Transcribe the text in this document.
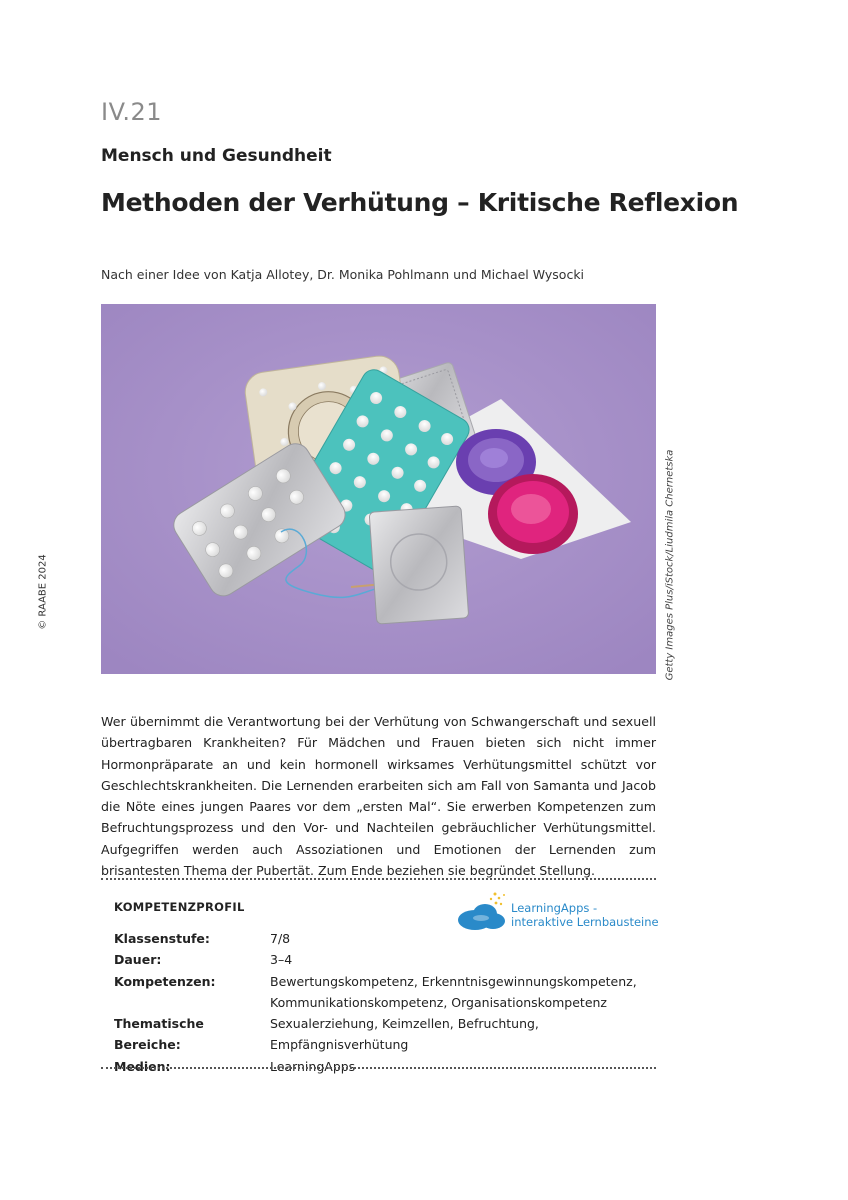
IV.21
Mensch und Gesundheit
Methoden der Verhütung – Kritische Reflexion
Nach einer Idee von Katja Allotey, Dr. Monika Pohlmann und Michael Wysocki
© RAABE 2024	Getty Images Plus/iStock/Liudmila Chernetska

Wer übernimmt die Verantwortung bei der Verhütung von Schwangerschaft und sexuell übertragbaren Krankheiten? Für Mädchen und Frauen bieten sich nicht immer Hormonpräparate an und kein hormonell wirksames Verhütungsmittel schützt vor Geschlechtskrankheiten. Die Lernenden erarbeiten sich am Fall von Samanta und Jacob die Nöte eines jungen Paares vor dem „ersten Mal“. Sie erwerben Kompetenzen zum Befruchtungsprozess und den Vor- und Nachteilen gebräuchlicher Verhütungsmittel. Aufgegriffen werden auch Assoziationen und Emotionen der Lernenden zum brisantesten Thema der Pubertät. Zum Ende beziehen sie begründet Stellung.

KOMPETENZPROFIL	LearningApps -
interaktive Lernbausteine
Klassenstufe:	7/8
Dauer:	3–4
Kompetenzen:	Bewertungskompetenz, Erkenntnisgewinnungskompetenz,
	Kommunikationskompetenz, Organisationskompetenz
Thematische Bereiche:	Sexualerziehung, Keimzellen, Befruchtung, Empfängnisverhütung
Medien:	LearningApps
